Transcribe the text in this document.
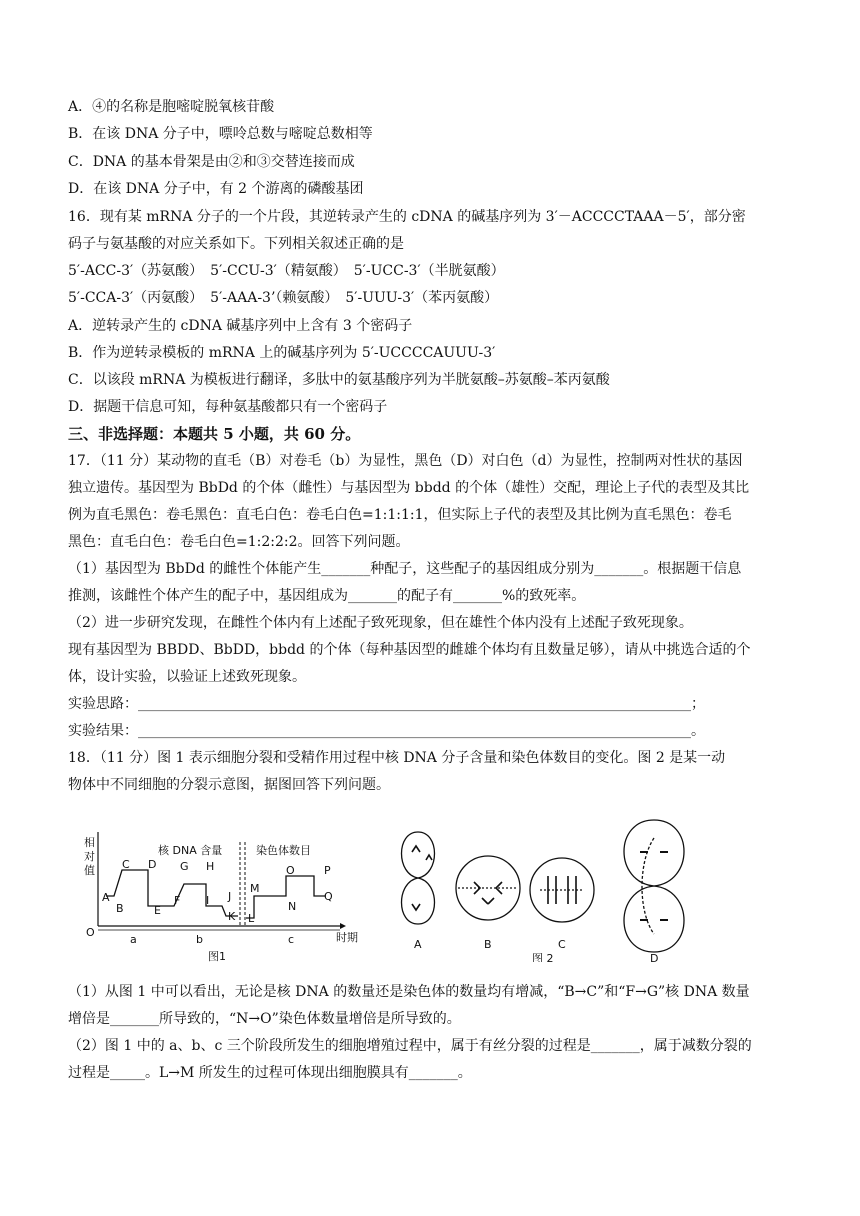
A．④的名称是胞嘧啶脱氧核苷酸
B．在该 DNA 分子中，嘌呤总数与嘧啶总数相等
C．DNA 的基本骨架是由②和③交替连接而成
D．在该 DNA 分子中，有 2 个游离的磷酸基团
16．现有某 mRNA 分子的一个片段，其逆转录产生的 cDNA 的碱基序列为 3′－ACCCCTAAA－5′，部分密
码子与氨基酸的对应关系如下。下列相关叙述正确的是
5′-ACC-3′（苏氨酸）　5′-CCU-3′（精氨酸）　5′-UCC-3′（半胱氨酸）
5′-CCA-3′（丙氨酸）　5′-AAA-3’（赖氨酸）　5′-UUU-3′（苯丙氨酸）
A．逆转录产生的 cDNA 碱基序列中上含有 3 个密码子
B．作为逆转录模板的 mRNA 上的碱基序列为 5′-UCCCCAUUU-3′
C．以该段 mRNA 为模板进行翻译，多肽中的氨基酸序列为半胱氨酸–苏氨酸–苯丙氨酸
D．据题干信息可知，每种氨基酸都只有一个密码子
三、非选择题：本题共 5 小题，共 60 分。
17．（11 分）某动物的直毛（B）对卷毛（b）为显性，黑色（D）对白色（d）为显性，控制两对性状的基因
独立遗传。基因型为 BbDd 的个体（雌性）与基因型为 bbdd 的个体（雄性）交配，理论上子代的表型及其比
例为直毛黑色：卷毛黑色：直毛白色：卷毛白色=1:1:1:1，但实际上子代的表型及其比例为直毛黑色：卷毛
黑色：直毛白色：卷毛白色=1:2:2:2。回答下列问题。
（1）基因型为 BbDd 的雌性个体能产生_______种配子，这些配子的基因组成分别为_______。根据题干信息
推测，该雌性个体产生的配子中，基因组成为_______的配子有_______%的致死率。
（2）进一步研究发现，在雌性个体内有上述配子致死现象，但在雄性个体内没有上述配子致死现象。
现有基因型为 BBDD、BbDD，bbdd 的个体（每种基因型的雌雄个体均有且数量足够），请从中挑选合适的个
体，设计实验，以验证上述致死现象。
实验思路：_______________________________________________________________________________；
实验结果：_______________________________________________________________________________。
18．（11 分）图 1 表示细胞分裂和受精作用过程中核 DNA 分子含量和染色体数目的变化。图 2 是某一动
物体中不同细胞的分裂示意图，据图回答下列问题。
相
对
值
O	时期
核 DNA 含量	染色体数目
A
B
C D
E
F
G H
I J
K L
M
N
O	P
Q
a	b	c
图1
A	B	C
D
图 2
（1）从图 1 中可以看出，无论是核 DNA 的数量还是染色体的数量均有增减，“B→C”和“F→G”核 DNA 数量
增倍是_______所导致的，“N→O”染色体数量增倍是所导致的。
（2）图 1 中的 a、b、c 三个阶段所发生的细胞增殖过程中，属于有丝分裂的过程是_______，属于减数分裂的
过程是_____。L→M 所发生的过程可体现出细胞膜具有_______。
